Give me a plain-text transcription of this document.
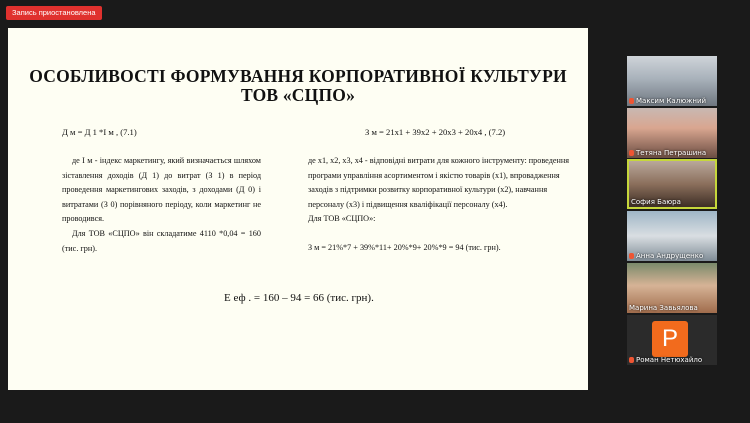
Запись приостановлена
ОСОБЛИВОСТІ ФОРМУВАННЯ КОРПОРАТИВНОЇ КУЛЬТУРИ
ТОВ «СЦПО»
Д м = Д 1 *І м , (7.1)	З м = 21х1 + 39х2 + 20х3 + 20х4 , (7.2)

де І м - індекс маркетингу, який визначається шляхом зіставлення доходів (Д 1) до витрат (З 1) в період проведення маркетингових заходів, з доходами (Д 0) і витратами (З 0) порівняного періоду, коли маркетинг не проводився.

Для ТОВ «СЦПО» він складатиме 4110 *0,04 = 160 (тис. грн).

де х1, х2, х3, х4 - відповідні витрати для кожного інструменту: проведення програми управління асортиментом і якістю товарів (х1), впровадження заходів з підтримки розвитку корпоративної культури (х2), навчання персоналу (х3) і підвищення кваліфікації персоналу (х4).

Для ТОВ «СЦПО»:

З м = 21%*7 + 39%*11+ 20%*9+ 20%*9 = 94 (тис. грн).

Е еф . = 160 – 94 = 66 (тис. грн).
Максим Калюжний
Тетяна Петрашина
София Баюра
Анна Андрущенко
Марина Завьялова
Р
Роман Нетюхайло
